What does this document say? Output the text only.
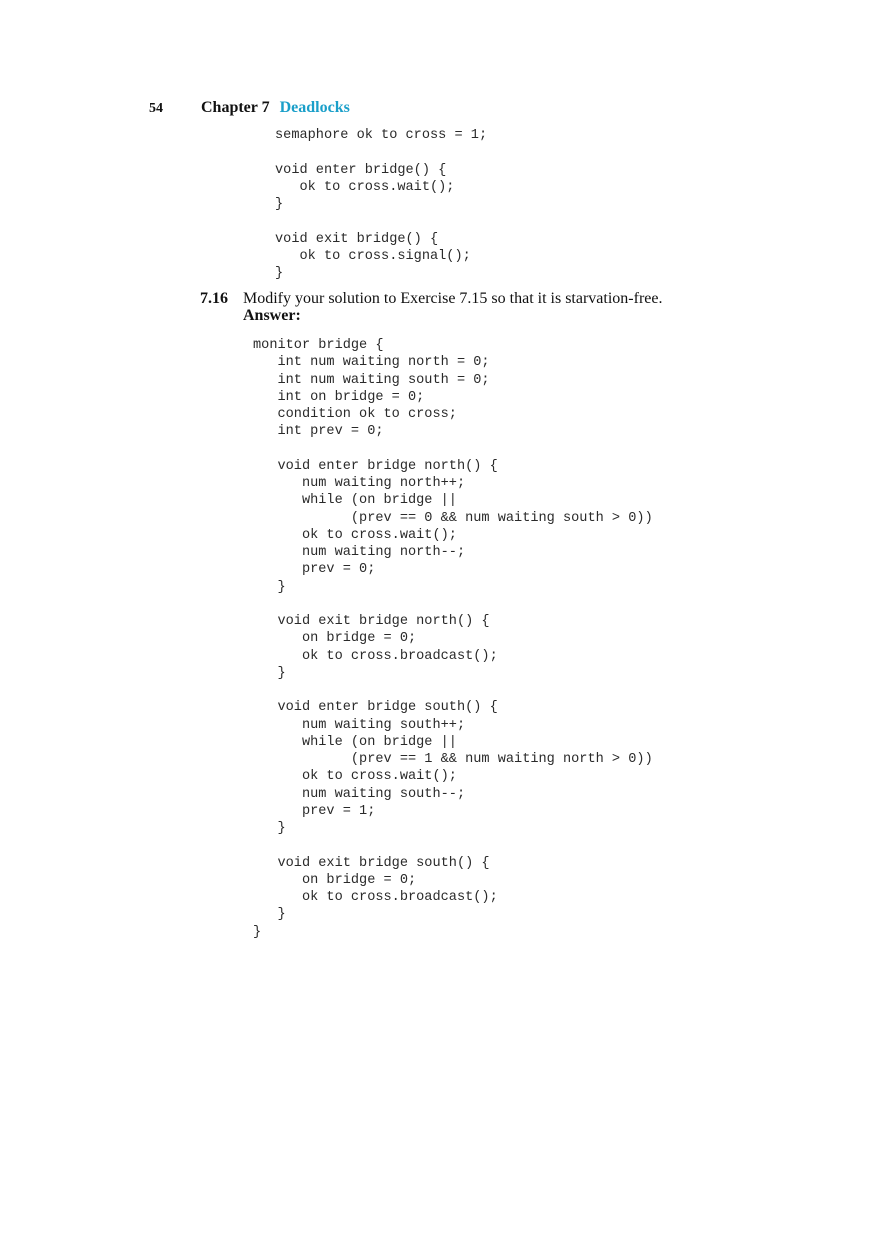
54 Chapter 7 Deadlocks
semaphore ok to cross = 1;

void enter bridge() {
ok to cross.wait();
}

void exit bridge() {
ok to cross.signal();
}
7.16 Modify your solution to Exercise 7.15 so that it is starvation-free.
Answer:
monitor bridge {
int num waiting north = 0;
int num waiting south = 0;
int on bridge = 0;
condition ok to cross;
int prev = 0;

void enter bridge north() {
num waiting north++;
while (on bridge ||
(prev == 0 && num waiting south > 0))
ok to cross.wait();
num waiting north--;
prev = 0;
}

void exit bridge north() {
on bridge = 0;
ok to cross.broadcast();
}

void enter bridge south() {
num waiting south++;
while (on bridge ||
(prev == 1 && num waiting north > 0))
ok to cross.wait();
num waiting south--;
prev = 1;
}

void exit bridge south() {
on bridge = 0;
ok to cross.broadcast();
}
}
